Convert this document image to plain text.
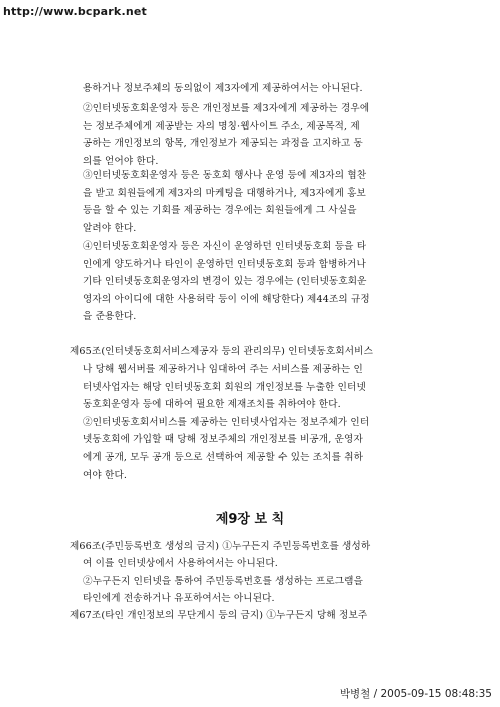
http://www.bcpark.net
용하거나 정보주체의 동의없이 제3자에게 제공하여서는 아니된다.
②인터넷동호회운영자 등은 개인정보를 제3자에게 제공하는 경우에
는 정보주체에게 제공받는 자의 명칭·웹사이트 주소, 제공목적, 제
공하는 개인정보의 항목, 개인정보가 제공되는 과정을 고지하고 동
의를 얻어야 한다.
③인터넷동호회운영자 등은 동호회 행사나 운영 등에 제3자의 협찬
을 받고 회원들에게 제3자의 마케팅을 대행하거나, 제3자에게 홍보
등을 할 수 있는 기회를 제공하는 경우에는 회원들에게 그 사실을
알려야 한다.
④인터넷동호회운영자 등은 자신이 운영하던 인터넷동호회 등을 타
인에게 양도하거나 타인이 운영하던 인터넷동호회 등과 합병하거나
기타 인터넷동호회운영자의 변경이 있는 경우에는 (인터넷동호회운
영자의 아이디에 대한 사용허락 등이 이에 해당한다) 제44조의 규정
을 준용한다.
제65조(인터넷동호회서비스제공자 등의 관리의무) 인터넷동호회서비스
나 당해 웹서버를 제공하거나 임대하여 주는 서비스를 제공하는 인
터넷사업자는 해당 인터넷동호회 회원의 개인정보를 누출한 인터넷
동호회운영자 등에 대하여 필요한 제재조치를 취하여야 한다.
②인터넷동호회서비스를 제공하는 인터넷사업자는 정보주체가 인터
넷동호회에 가입할 때 당해 정보주체의 개인정보를 비공개, 운영자
에게 공개, 모두 공개 등으로 선택하여 제공할 수 있는 조치를 취하
여야 한다.
제66조(주민등록번호 생성의 금지) ①누구든지 주민등록번호를 생성하
여 이를 인터넷상에서 사용하여서는 아니된다.
②누구든지 인터넷을 통하여 주민등록번호를 생성하는 프로그램을
타인에게 전송하거나 유포하여서는 아니된다.
제67조(타인 개인정보의 무단게시 등의 금지) ①누구든지 당해 정보주
제9장 보 칙
박병철 / 2005-09-15 08:48:35
